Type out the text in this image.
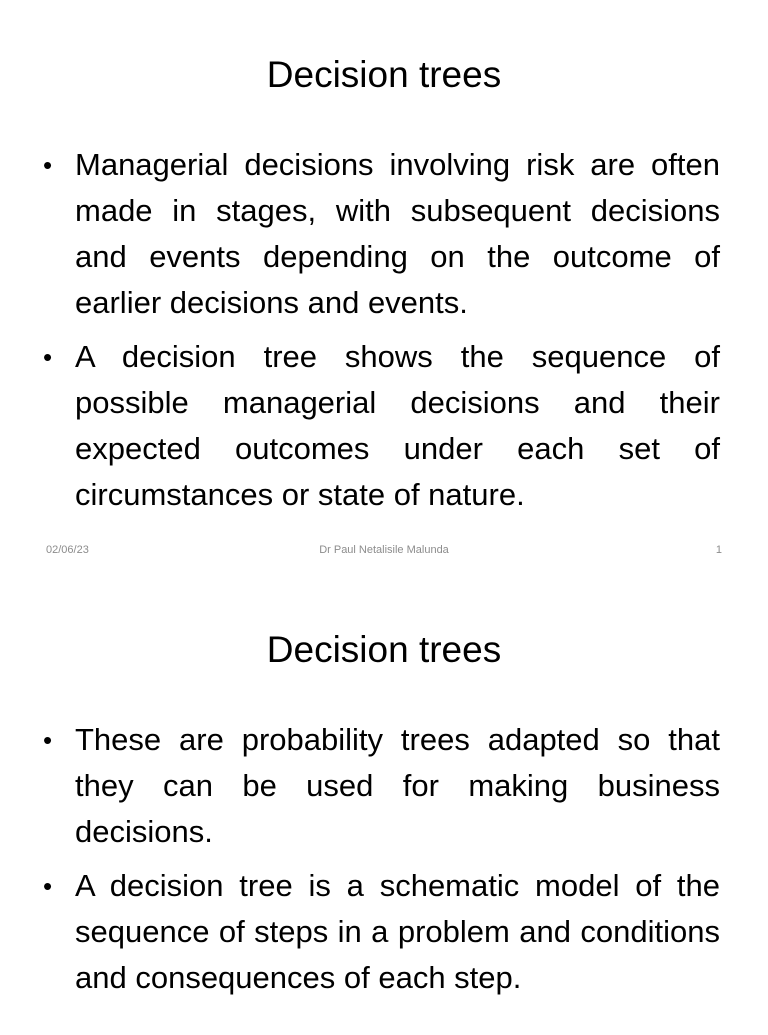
Decision trees
• Managerial decisions involving risk are often made in stages, with subsequent decisions and events depending on the outcome of earlier decisions and events.
• A decision tree shows the sequence of possible managerial decisions and their expected outcomes under each set of circumstances or state of nature.
02/06/23	Dr Paul Netalisile Malunda	1
Decision trees
• These are probability trees adapted so that they can be used for making business decisions.
• A decision tree is a schematic model of the sequence of steps in a problem and conditions and consequences of each step.
